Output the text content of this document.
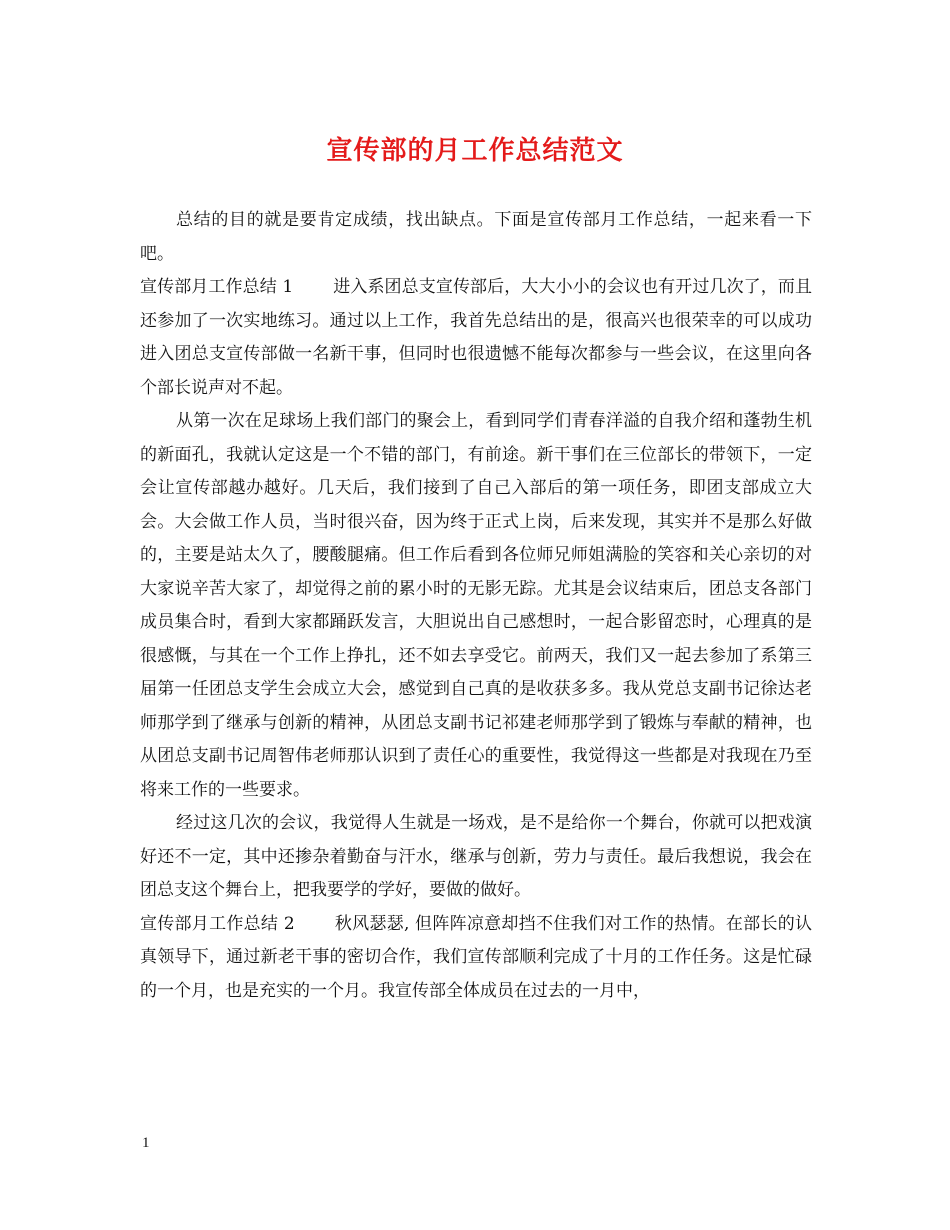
宣传部的月工作总结范文

总结的目的就是要肯定成绩，找出缺点。下面是宣传部月工作总结，一起来看一下吧。

宣传部月工作总结 1 进入系团总支宣传部后，大大小小的会议也有开过几次了，而且还参加了一次实地练习。通过以上工作，我首先总结出的是，很高兴也很荣幸的可以成功进入团总支宣传部做一名新干事，但同时也很遗憾不能每次都参与一些会议，在这里向各个部长说声对不起。

从第一次在足球场上我们部门的聚会上，看到同学们青春洋溢的自我介绍和蓬勃生机的新面孔，我就认定这是一个不错的部门，有前途。新干事们在三位部长的带领下，一定会让宣传部越办越好。几天后，我们接到了自己入部后的第一项任务，即团支部成立大会。大会做工作人员，当时很兴奋，因为终于正式上岗，后来发现，其实并不是那么好做的，主要是站太久了，腰酸腿痛。但工作后看到各位师兄师姐满脸的笑容和关心亲切的对大家说辛苦大家了，却觉得之前的累小时的无影无踪。尤其是会议结束后，团总支各部门成员集合时，看到大家都踊跃发言，大胆说出自己感想时，一起合影留恋时，心理真的是很感慨，与其在一个工作上挣扎，还不如去享受它。前两天，我们又一起去参加了系第三届第一任团总支学生会成立大会，感觉到自己真的是收获多多。我从党总支副书记徐达老师那学到了继承与创新的精神，从团总支副书记祁建老师那学到了锻炼与奉献的精神，也从团总支副书记周智伟老师那认识到了责任心的重要性，我觉得这一些都是对我现在乃至将来工作的一些要求。

经过这几次的会议，我觉得人生就是一场戏，是不是给你一个舞台，你就可以把戏演好还不一定，其中还掺杂着勤奋与汗水，继承与创新，劳力与责任。最后我想说，我会在团总支这个舞台上，把我要学的学好，要做的做好。

宣传部月工作总结 2 秋风瑟瑟, 但阵阵凉意却挡不住我们对工作的热情。在部长的认真领导下，通过新老干事的密切合作，我们宣传部顺利完成了十月的工作任务。这是忙碌的一个月，也是充实的一个月。我宣传部全体成员在过去的一月中，

1
